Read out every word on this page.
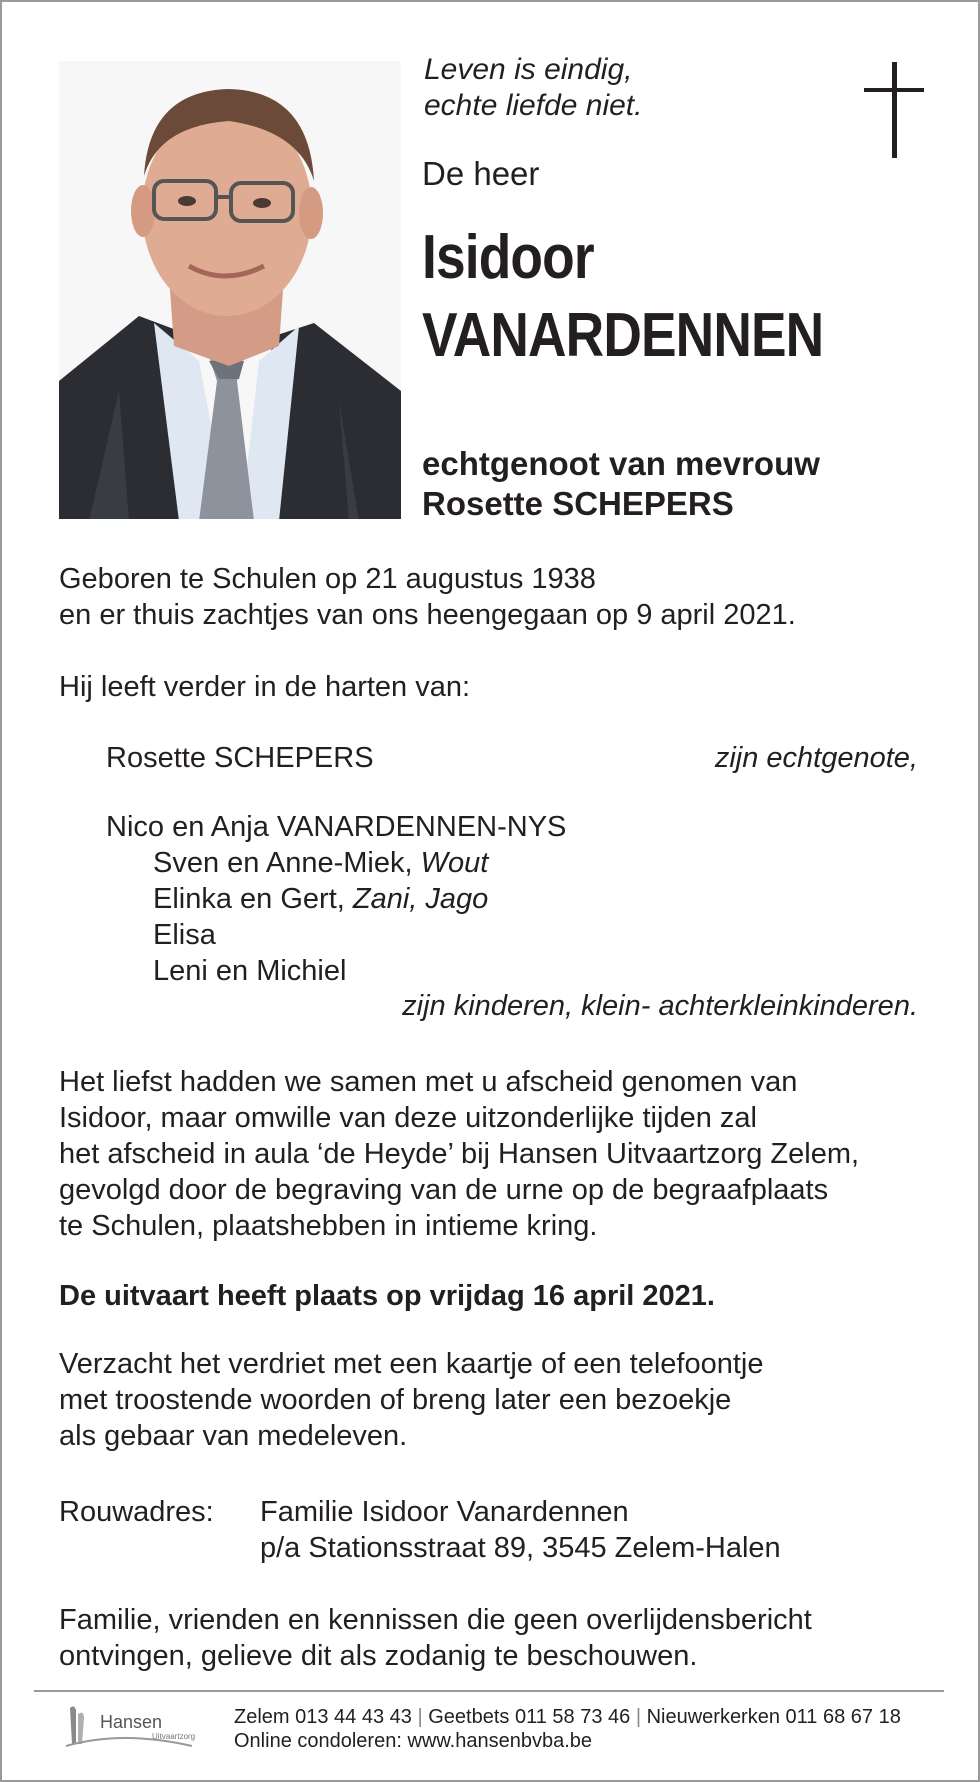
Leven is eindig,
echte liefde niet.
De heer
Isidoor
VANARDENNEN
echtgenoot van mevrouw
Rosette SCHEPERS
Geboren te Schulen op 21 augustus 1938
en er thuis zachtjes van ons heengegaan op 9 april 2021.
Hij leeft verder in de harten van:
Rosette SCHEPERS	zijn echtgenote,
Nico en Anja VANARDENNEN-NYS
Sven en Anne-Miek, Wout
Elinka en Gert, Zani, Jago
Elisa
Leni en Michiel
zijn kinderen, klein- achterkleinkinderen.
Het liefst hadden we samen met u afscheid genomen van
Isidoor, maar omwille van deze uitzonderlijke tijden zal
het afscheid in aula ‘de Heyde’ bij Hansen Uitvaartzorg Zelem,
gevolgd door de begraving van de urne op de begraafplaats
te Schulen, plaatshebben in intieme kring.
De uitvaart heeft plaats op vrijdag 16 april 2021.
Verzacht het verdriet met een kaartje of een telefoontje
met troostende woorden of breng later een bezoekje
als gebaar van medeleven.
Rouwadres: Familie Isidoor Vanardennen
p/a Stationsstraat 89, 3545 Zelem-Halen
Familie, vrienden en kennissen die geen overlijdensbericht
ontvingen, gelieve dit als zodanig te beschouwen.
Hansen
Uitvaartzorg
Zelem 013 44 43 43 | Geetbets 011 58 73 46 | Nieuwerkerken 011 68 67 18
Online condoleren: www.hansenbvba.be
